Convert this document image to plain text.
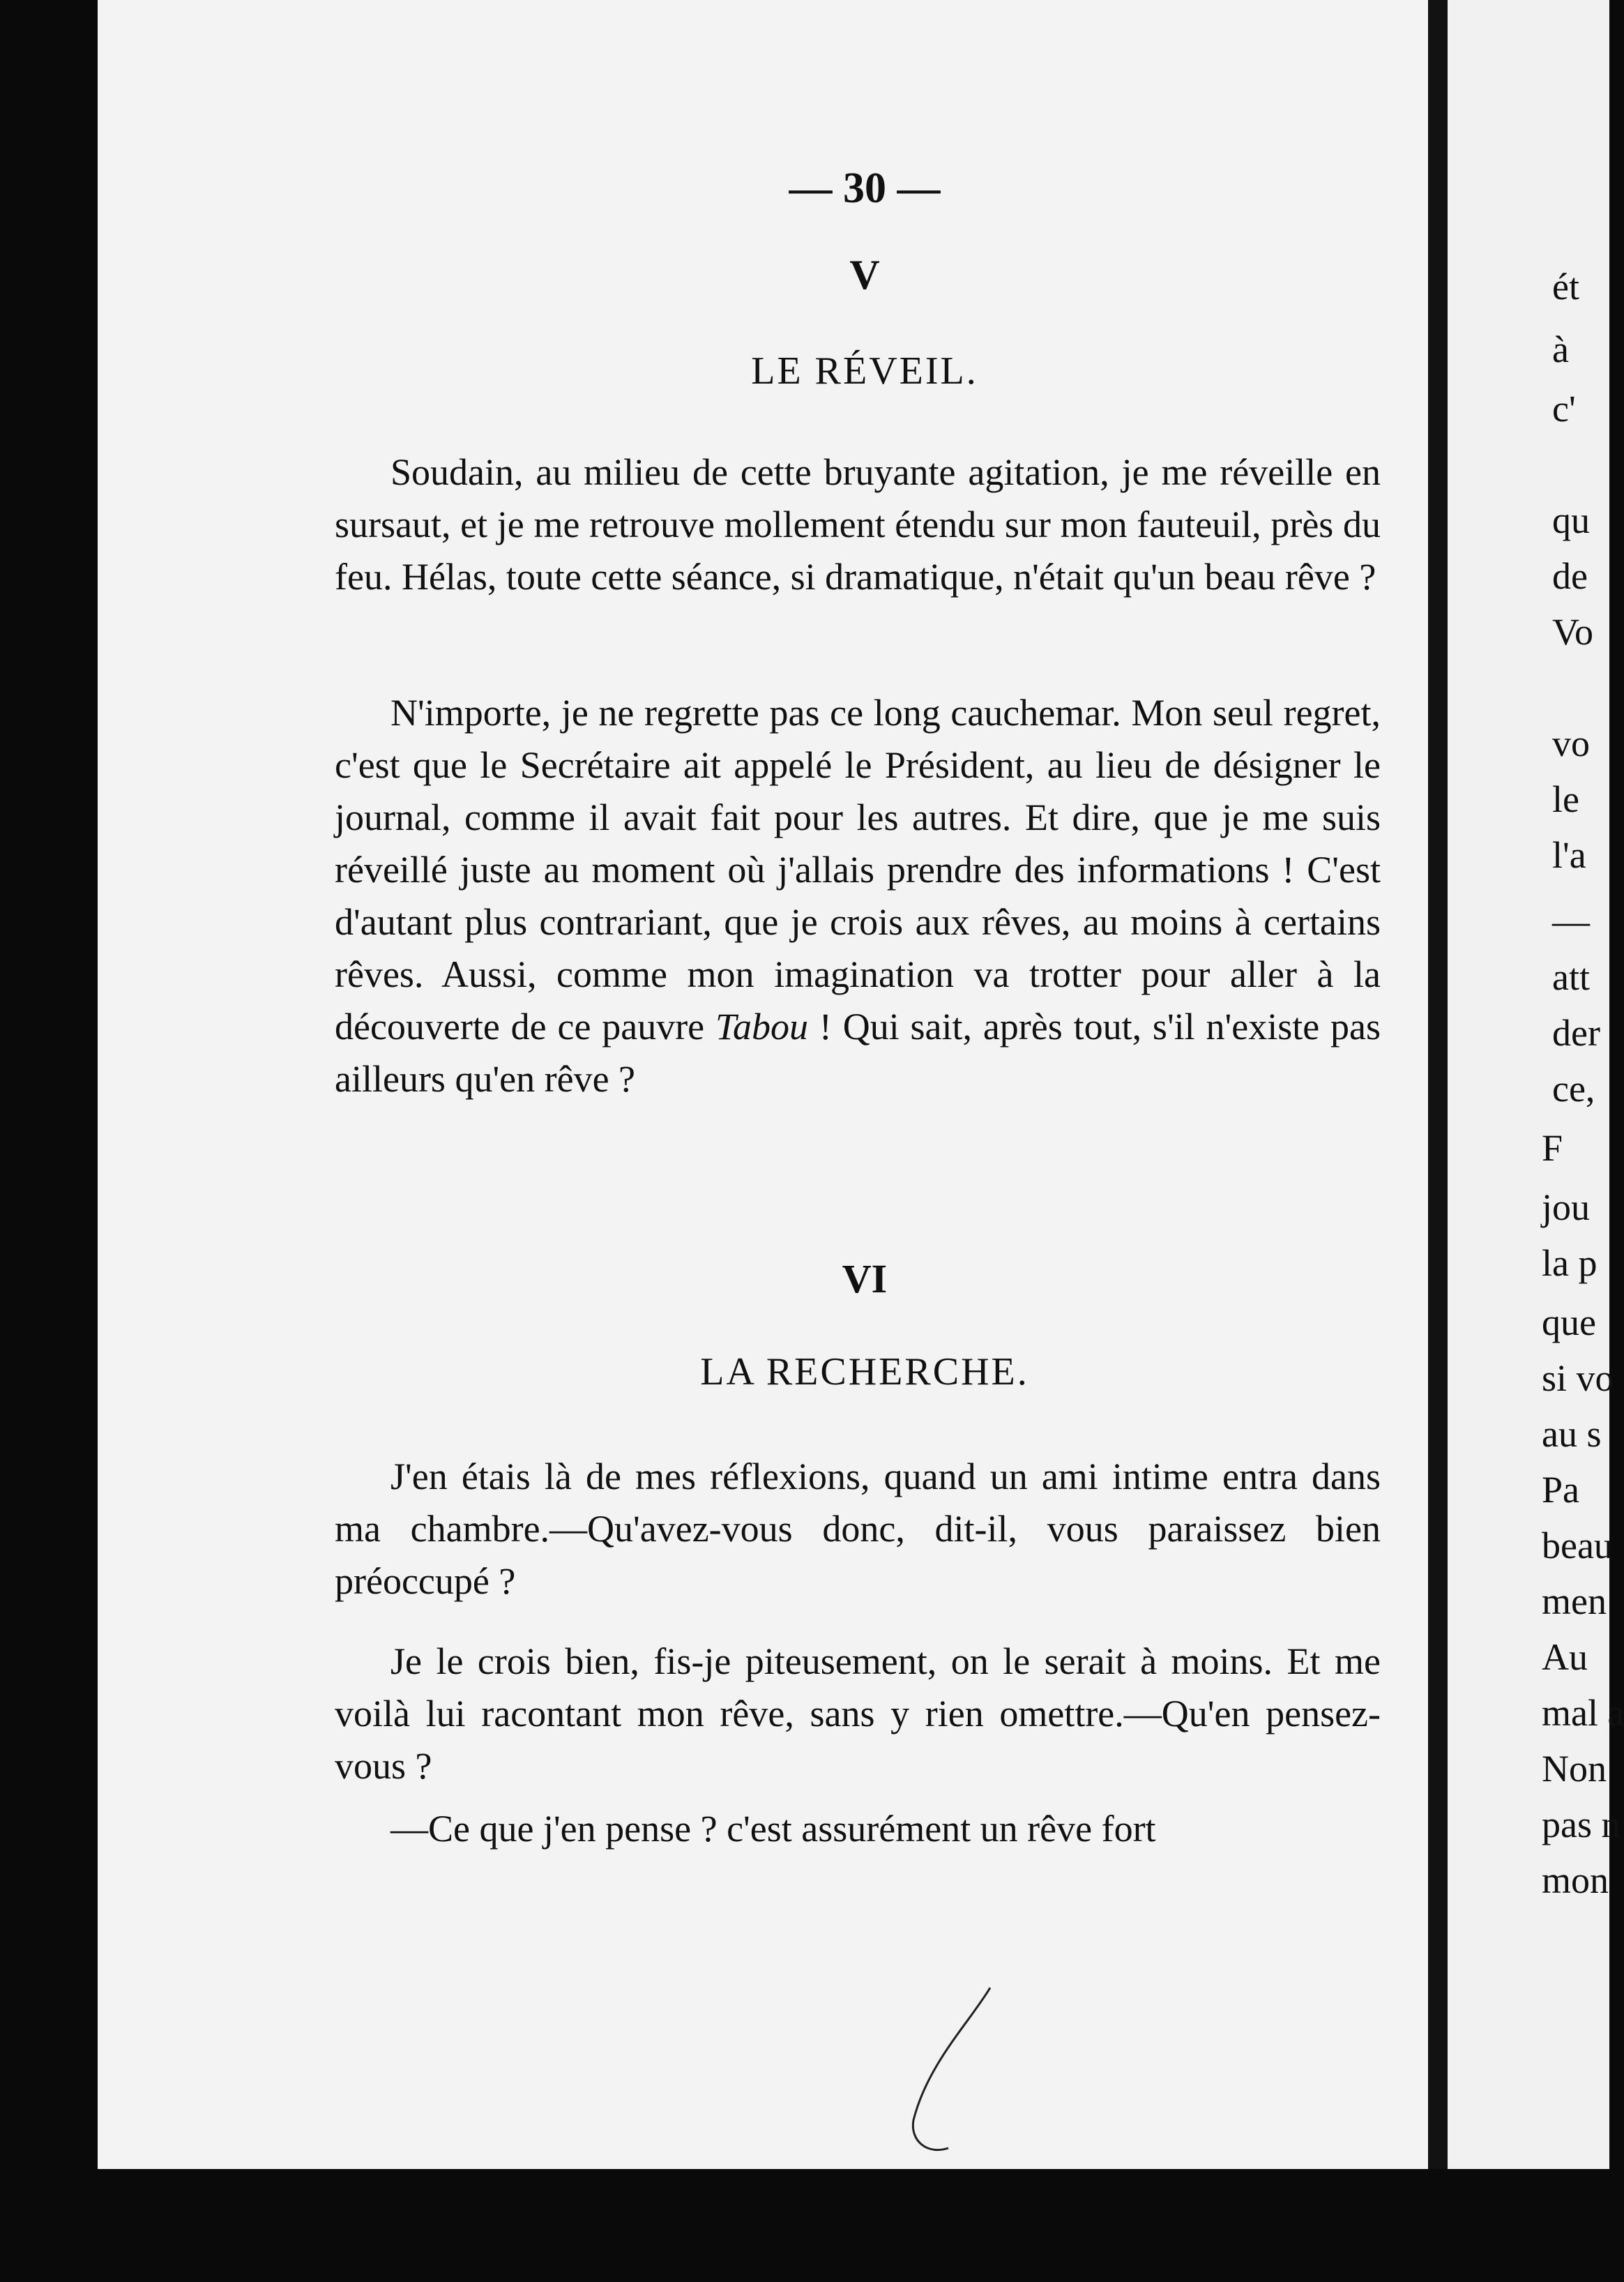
ét
à
c'
qu
de
Vo
vo
le
l'a
—
att
der
ce,
F
jou
la p
que
si vo
au s
Pa
beau
men
Au
mal a
Non
pas n
mon
— 30 —
V
LE RÉVEIL.

Soudain, au milieu de cette bruyante agitation, je me réveille en sursaut, et je me retrouve mollement étendu sur mon fauteuil, près du feu. Hélas, toute cette séance, si dramatique, n'était qu'un beau rêve ?

N'importe, je ne regrette pas ce long cauchemar. Mon seul regret, c'est que le Secrétaire ait appelé le Président, au lieu de désigner le journal, comme il avait fait pour les autres. Et dire, que je me suis réveillé juste au moment où j'allais prendre des informations ! C'est d'autant plus contrariant, que je crois aux rêves, au moins à certains rêves. Aussi, comme mon imagination va trotter pour aller à la découverte de ce pauvre Tabou ! Qui sait, après tout, s'il n'existe pas ailleurs qu'en rêve ?

VI
LA RECHERCHE.

J'en étais là de mes réflexions, quand un ami intime entra dans ma chambre.—Qu'avez-vous donc, dit-il, vous paraissez bien préoccupé ?

Je le crois bien, fis-je piteusement, on le serait à moins. Et me voilà lui racontant mon rêve, sans y rien omettre.—Qu'en pensez-vous ?

—Ce que j'en pense ? c'est assurément un rêve fort
